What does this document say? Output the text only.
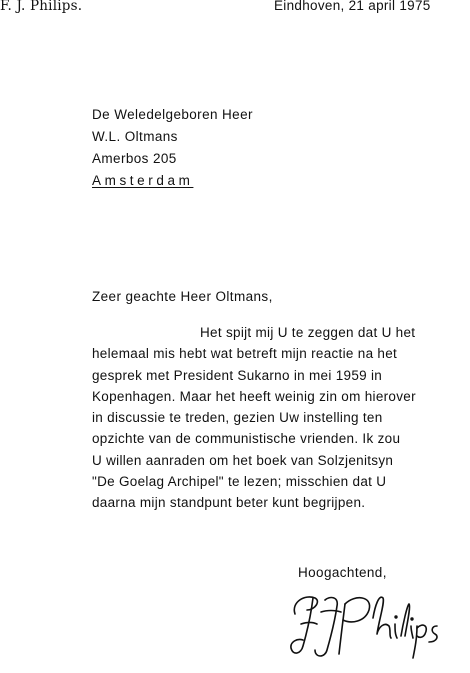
F. J. Philips.	Eindhoven, 21 april 1975
De Weledelgeboren Heer
W.L. Oltmans
Amerbos 205
Amsterdam
Zeer geachte Heer Oltmans,
Het spijt mij U te zeggen dat U het
helemaal mis hebt wat betreft mijn reactie na het
gesprek met President Sukarno in mei 1959 in
Kopenhagen. Maar het heeft weinig zin om hierover
in discussie te treden, gezien Uw instelling ten
opzichte van de communistische vrienden. Ik zou
U willen aanraden om het boek van Solzjenitsyn
"De Goelag Archipel" te lezen; misschien dat U
daarna mijn standpunt beter kunt begrijpen.
Hoogachtend,
